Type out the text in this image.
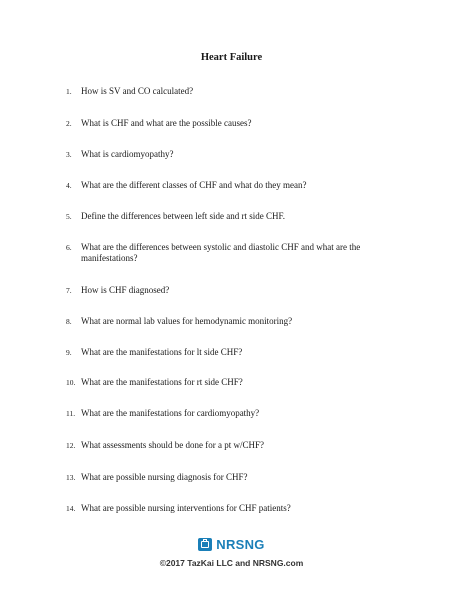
Heart Failure
1.	How is SV and CO calculated?
2.	What is CHF and what are the possible causes?
3.	What is cardiomyopathy?
4.	What are the different classes of CHF and what do they mean?
5.	Define the differences between left side and rt side CHF.
6.	What are the differences between systolic and diastolic CHF and what are the manifestations?
7.	How is CHF diagnosed?
8.	What are normal lab values for hemodynamic monitoring?
9.	What are the manifestations for lt side CHF?
10. What are the manifestations for rt side CHF?
11. What are the manifestations for cardiomyopathy?
12. What assessments should be done for a pt w/CHF?
13. What are possible nursing diagnosis for CHF?
14. What are possible nursing interventions for CHF patients?
NRSNG
©2017 TazKai LLC and NRSNG.com
